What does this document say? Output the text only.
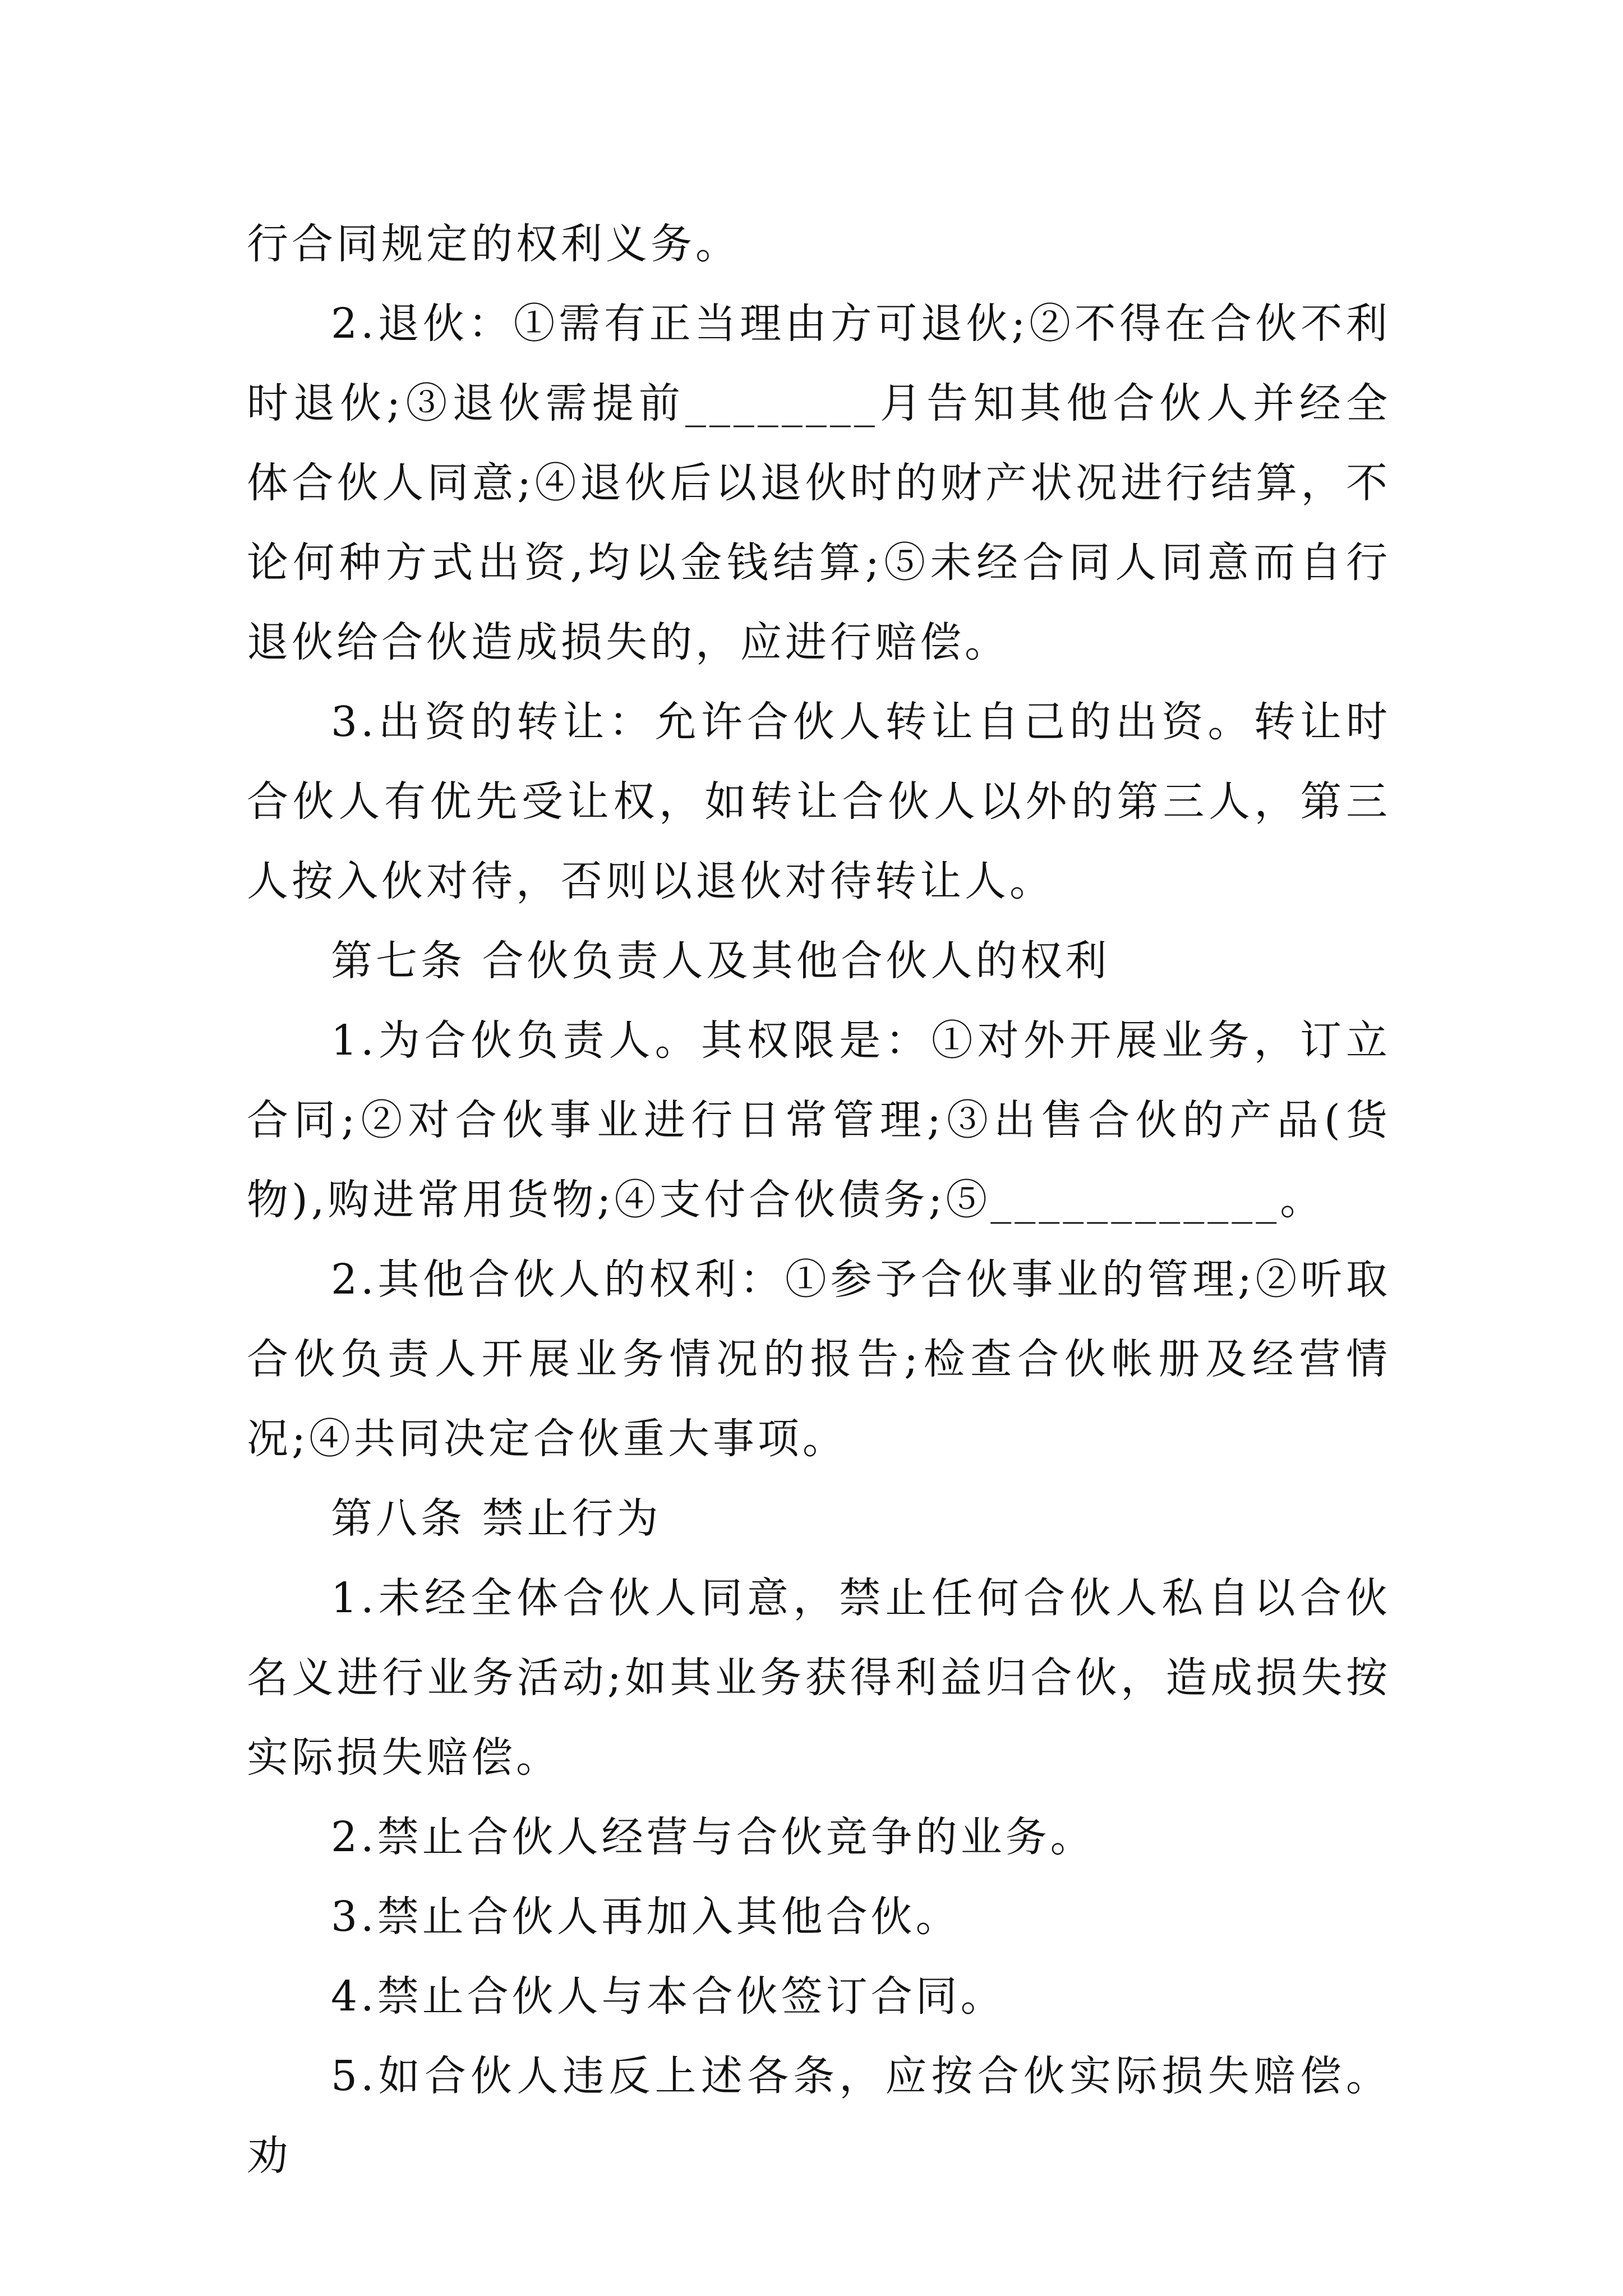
行合同规定的权利义务。

2.退伙：①需有正当理由方可退伙;②不得在合伙不利时退伙;③退伙需提前________月告知其他合伙人并经全体合伙人同意;④退伙后以退伙时的财产状况进行结算，不论何种方式出资,均以金钱结算;⑤未经合同人同意而自行退伙给合伙造成损失的，应进行赔偿。

3.出资的转让：允许合伙人转让自己的出资。转让时合伙人有优先受让权，如转让合伙人以外的第三人，第三人按入伙对待，否则以退伙对待转让人。

第七条 合伙负责人及其他合伙人的权利

1.为合伙负责人。其权限是：①对外开展业务，订立合同;②对合伙事业进行日常管理;③出售合伙的产品(货物),购进常用货物;④支付合伙债务;⑤____________。

2.其他合伙人的权利：①参予合伙事业的管理;②听取合伙负责人开展业务情况的报告;检查合伙帐册及经营情况;④共同决定合伙重大事项。

第八条 禁止行为

1.未经全体合伙人同意，禁止任何合伙人私自以合伙名义进行业务活动;如其业务获得利益归合伙，造成损失按实际损失赔偿。

2.禁止合伙人经营与合伙竞争的业务。

3.禁止合伙人再加入其他合伙。

4.禁止合伙人与本合伙签订合同。

5.如合伙人违反上述各条，应按合伙实际损失赔偿。劝
